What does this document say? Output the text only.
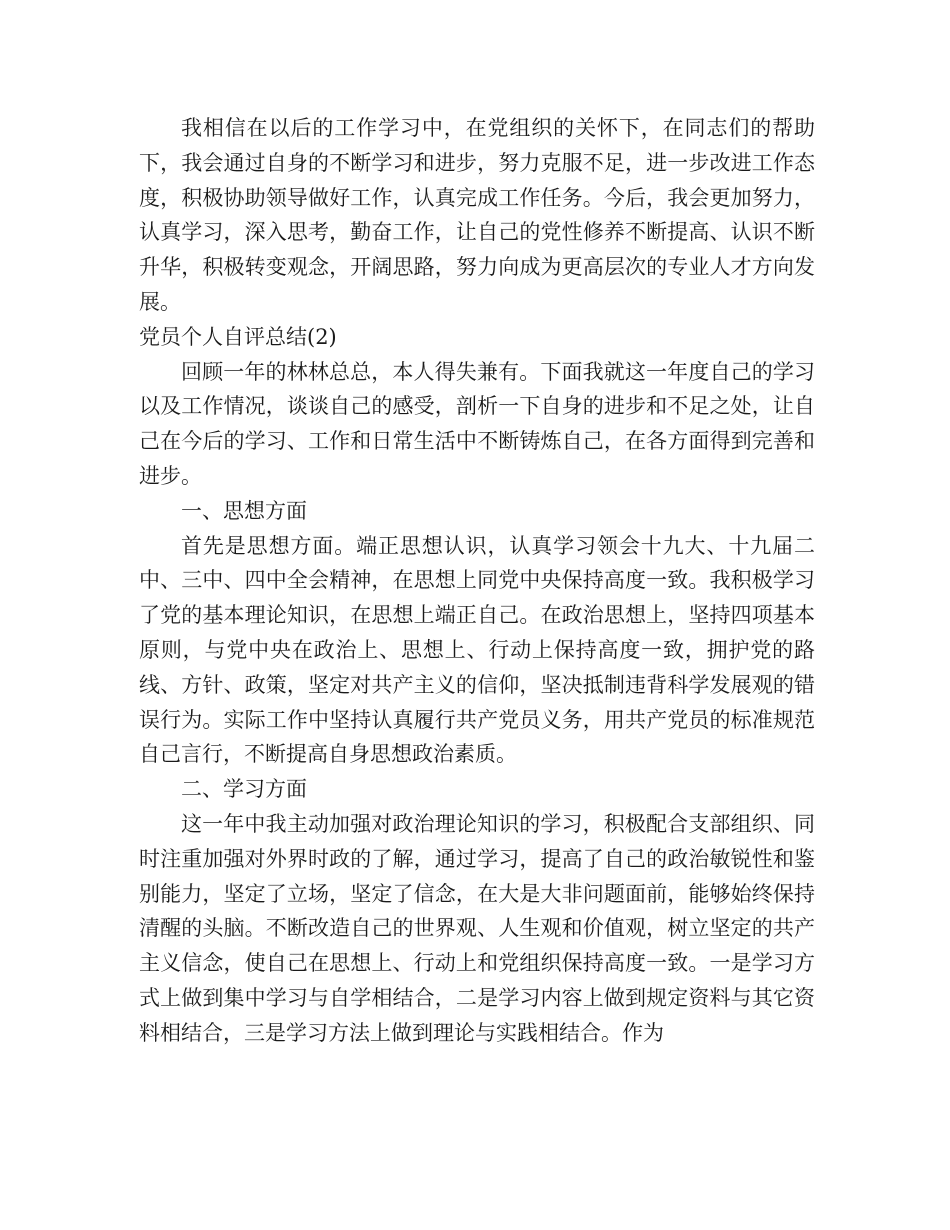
我相信在以后的工作学习中，在党组织的关怀下，在同志们的帮助下，我会通过自身的不断学习和进步，努力克服不足，进一步改进工作态度，积极协助领导做好工作，认真完成工作任务。今后，我会更加努力，认真学习，深入思考，勤奋工作，让自己的党性修养不断提高、认识不断升华，积极转变观念，开阔思路，努力向成为更高层次的专业人才方向发展。

党员个人自评总结(2)

回顾一年的林林总总，本人得失兼有。下面我就这一年度自己的学习以及工作情况，谈谈自己的感受，剖析一下自身的进步和不足之处，让自己在今后的学习、工作和日常生活中不断铸炼自己，在各方面得到完善和进步。

一、思想方面

首先是思想方面。端正思想认识，认真学习领会十九大、十九届二中、三中、四中全会精神，在思想上同党中央保持高度一致。我积极学习了党的基本理论知识，在思想上端正自己。在政治思想上，坚持四项基本原则，与党中央在政治上、思想上、行动上保持高度一致，拥护党的路线、方针、政策，坚定对共产主义的信仰，坚决抵制违背科学发展观的错误行为。实际工作中坚持认真履行共产党员义务，用共产党员的标准规范自己言行，不断提高自身思想政治素质。

二、学习方面

这一年中我主动加强对政治理论知识的学习，积极配合支部组织、同时注重加强对外界时政的了解，通过学习，提高了自己的政治敏锐性和鉴别能力，坚定了立场，坚定了信念，在大是大非问题面前，能够始终保持清醒的头脑。不断改造自己的世界观、人生观和价值观，树立坚定的共产主义信念，使自己在思想上、行动上和党组织保持高度一致。一是学习方式上做到集中学习与自学相结合，二是学习内容上做到规定资料与其它资料相结合，三是学习方法上做到理论与实践相结合。作为
